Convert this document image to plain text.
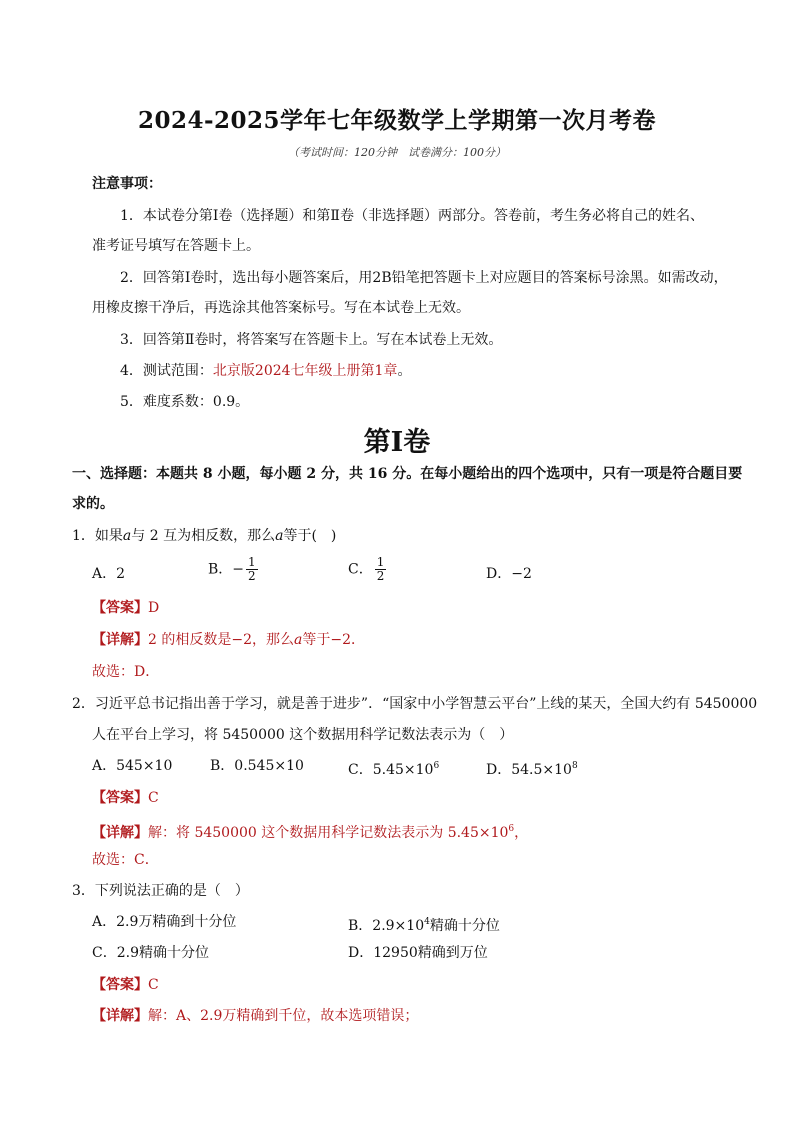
2024-2025学年七年级数学上学期第一次月考卷
（考试时间：120分钟　试卷满分：100分）
注意事项：
1．本试卷分第Ⅰ卷（选择题）和第Ⅱ卷（非选择题）两部分。答卷前，考生务必将自己的姓名、
准考证号填写在答题卡上。
2．回答第Ⅰ卷时，选出每小题答案后，用2B铅笔把答题卡上对应题目的答案标号涂黑。如需改动，
用橡皮擦干净后，再选涂其他答案标号。写在本试卷上无效。
3．回答第Ⅱ卷时，将答案写在答题卡上。写在本试卷上无效。
4．测试范围：北京版2024七年级上册第1章。
5．难度系数：0.9。
第Ⅰ卷
一、选择题：本题共 8 小题，每小题 2 分，共 16 分。在每小题给出的四个选项中，只有一项是符合题目要
求的。
1．如果a与 2 互为相反数，那么a等于(　)
A．2	B．− $\frac{1}{2}$	C． $\frac{1}{2}$	D．−2
【答案】D
【详解】2 的相反数是−2，那么a等于−2．
故选：D．
2．习近平总书记指出善于学习，就是善于进步”．“国家中小学智慧云平台”上线的某天，全国大约有 5450000
人在平台上学习，将 5450000 这个数据用科学记数法表示为（　）
A．545×10	B．0.545×10	C．$5.45\times 10^6$	D．$54.5\times 10^8$
【答案】C
【详解】解：将 5450000 这个数据用科学记数法表示为 $5.45\times 10^6$，
故选：C．
3．下列说法正确的是（　）
A．2.9万精确到十分位	B．$2.9\times 10^4$精确十分位
C．2.9精确十分位	D．12950精确到万位
【答案】C
【详解】解：A、2.9万精确到千位，故本选项错误；
